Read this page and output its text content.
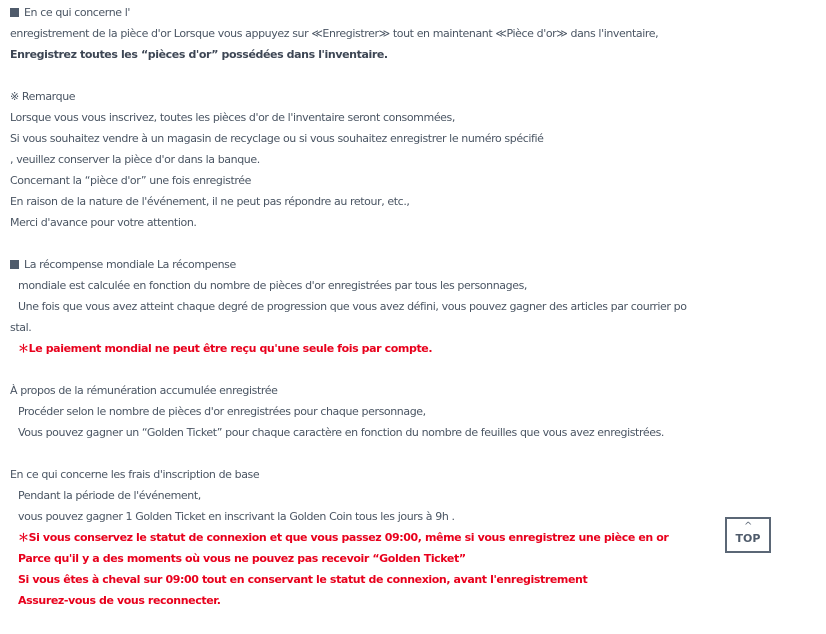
En ce qui concerne l'
enregistrement de la pièce d'or Lorsque vous appuyez sur ≪Enregistrer≫ tout en maintenant ≪Pièce d'or≫ dans l'inventaire,
Enregistrez toutes les “pièces d'or” possédées dans l'inventaire.
※ Remarque
Lorsque vous vous inscrivez, toutes les pièces d'or de l'inventaire seront consommées,
Si vous souhaitez vendre à un magasin de recyclage ou si vous souhaitez enregistrer le numéro spécifié
, veuillez conserver la pièce d'or dans la banque.
Concernant la “pièce d'or” une fois enregistrée
En raison de la nature de l'événement, il ne peut pas répondre au retour, etc.,
Merci d'avance pour votre attention.
La récompense mondiale La récompense
mondiale est calculée en fonction du nombre de pièces d'or enregistrées par tous les personnages,
Une fois que vous avez atteint chaque degré de progression que vous avez défini, vous pouvez gagner des articles par courrier po
stal.
＊Le paiement mondial ne peut être reçu qu'une seule fois par compte.
À propos de la rémunération accumulée enregistrée
Procéder selon le nombre de pièces d'or enregistrées pour chaque personnage,
Vous pouvez gagner un “Golden Ticket” pour chaque caractère en fonction du nombre de feuilles que vous avez enregistrées.
En ce qui concerne les frais d'inscription de base
Pendant la période de l'événement,
vous pouvez gagner 1 Golden Ticket en inscrivant la Golden Coin tous les jours à 9h .
＊Si vous conservez le statut de connexion et que vous passez 09:00, même si vous enregistrez une pièce en or
Parce qu'il y a des moments où vous ne pouvez pas recevoir “Golden Ticket”
Si vous êtes à cheval sur 09:00 tout en conservant le statut de connexion, avant l'enregistrement
Assurez-vous de vous reconnecter.
^
TOP
